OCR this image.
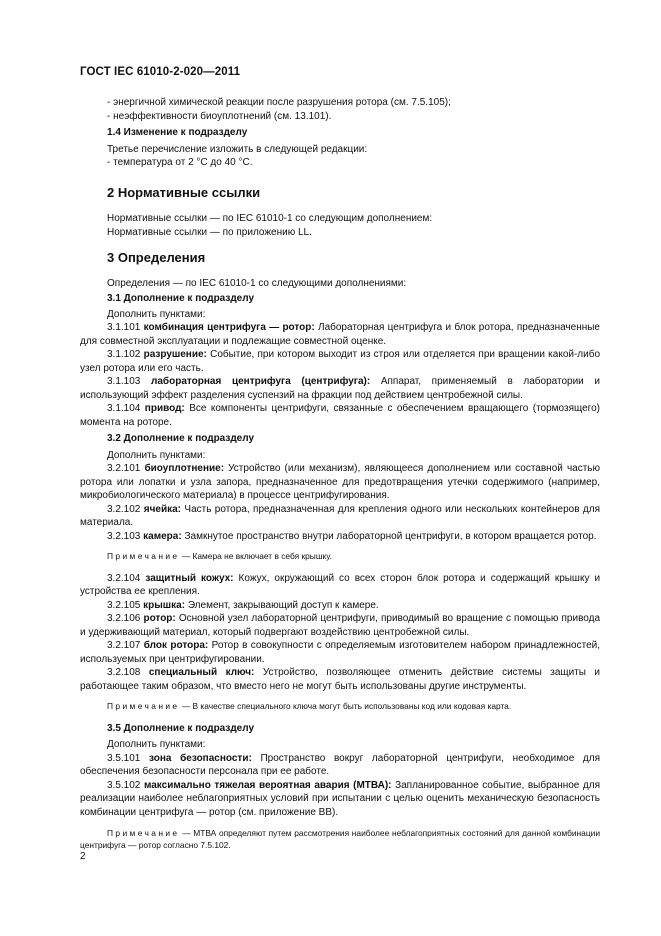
ГОСТ IEC 61010-2-020—2011

- энергичной химической реакции после разрушения ротора (см. 7.5.105);

- неэффективности биоуплотнений (см. 13.101).

1.4 Изменение к подразделу

Третье перечисление изложить в следующей редакции:

- температура от 2 °С до 40 °С.

2 Нормативные ссылки

Нормативные ссылки — по IEC 61010-1 со следующим дополнением:

Нормативные ссылки — по приложению LL.

3 Определения

Определения — по IEC 61010-1 со следующими дополнениями:

3.1 Дополнение к подразделу

Дополнить пунктами:

3.1.101 комбинация центрифуга — ротор: Лабораторная центрифуга и блок ротора, предназначенные для совместной эксплуатации и подлежащие совместной оценке.

3.1.102 разрушение: Событие, при котором выходит из строя или отделяется при вращении какой-либо узел ротора или его часть.

3.1.103 лабораторная центрифуга (центрифуга): Аппарат, применяемый в лаборатории и использующий эффект разделения суспензий на фракции под действием центробежной силы.

3.1.104 привод: Все компоненты центрифуги, связанные с обеспечением вращающего (тормозящего) момента на роторе.

3.2 Дополнение к подразделу

Дополнить пунктами:

3.2.101 биоуплотнение: Устройство (или механизм), являющееся дополнением или составной частью ротора или лопатки и узла запора, предназначенное для предотвращения утечки содержимого (например, микробиологического материала) в процессе центрифугирования.

3.2.102 ячейка: Часть ротора, предназначенная для крепления одного или нескольких контейнеров для материала.

3.2.103 камера: Замкнутое пространство внутри лабораторной центрифуги, в котором вращается ротор.

Примечание — Камера не включает в себя крышку.

3.2.104 защитный кожух: Кожух, окружающий со всех сторон блок ротора и содержащий крышку и устройства ее крепления.

3.2.105 крышка: Элемент, закрывающий доступ к камере.

3.2.106 ротор: Основной узел лабораторной центрифуги, приводимый во вращение с помощью привода и удерживающий материал, который подвергают воздействию центробежной силы.

3.2.107 блок ротора: Ротор в совокупности с определяемым изготовителем набором принадлежностей, используемых при центрифугировании.

3.2.108 специальный ключ: Устройство, позволяющее отменить действие системы защиты и работающее таким образом, что вместо него не могут быть использованы другие инструменты.

Примечание — В качестве специального ключа могут быть использованы код или кодовая карта.

3.5 Дополнение к подразделу

Дополнить пунктами:

3.5.101 зона безопасности: Пространство вокруг лабораторной центрифуги, необходимое для обеспечения безопасности персонала при ее работе.

3.5.102 максимально тяжелая вероятная авария (МТВА): Запланированное событие, выбранное для реализации наиболее неблагоприятных условий при испытании с целью оценить механическую безопасность комбинации центрифуга — ротор (см. приложение ВВ).

Примечание — МТВА определяют путем рассмотрения наиболее неблагоприятных состояний для данной комбинации центрифуга — ротор согласно 7.5.102.

2
